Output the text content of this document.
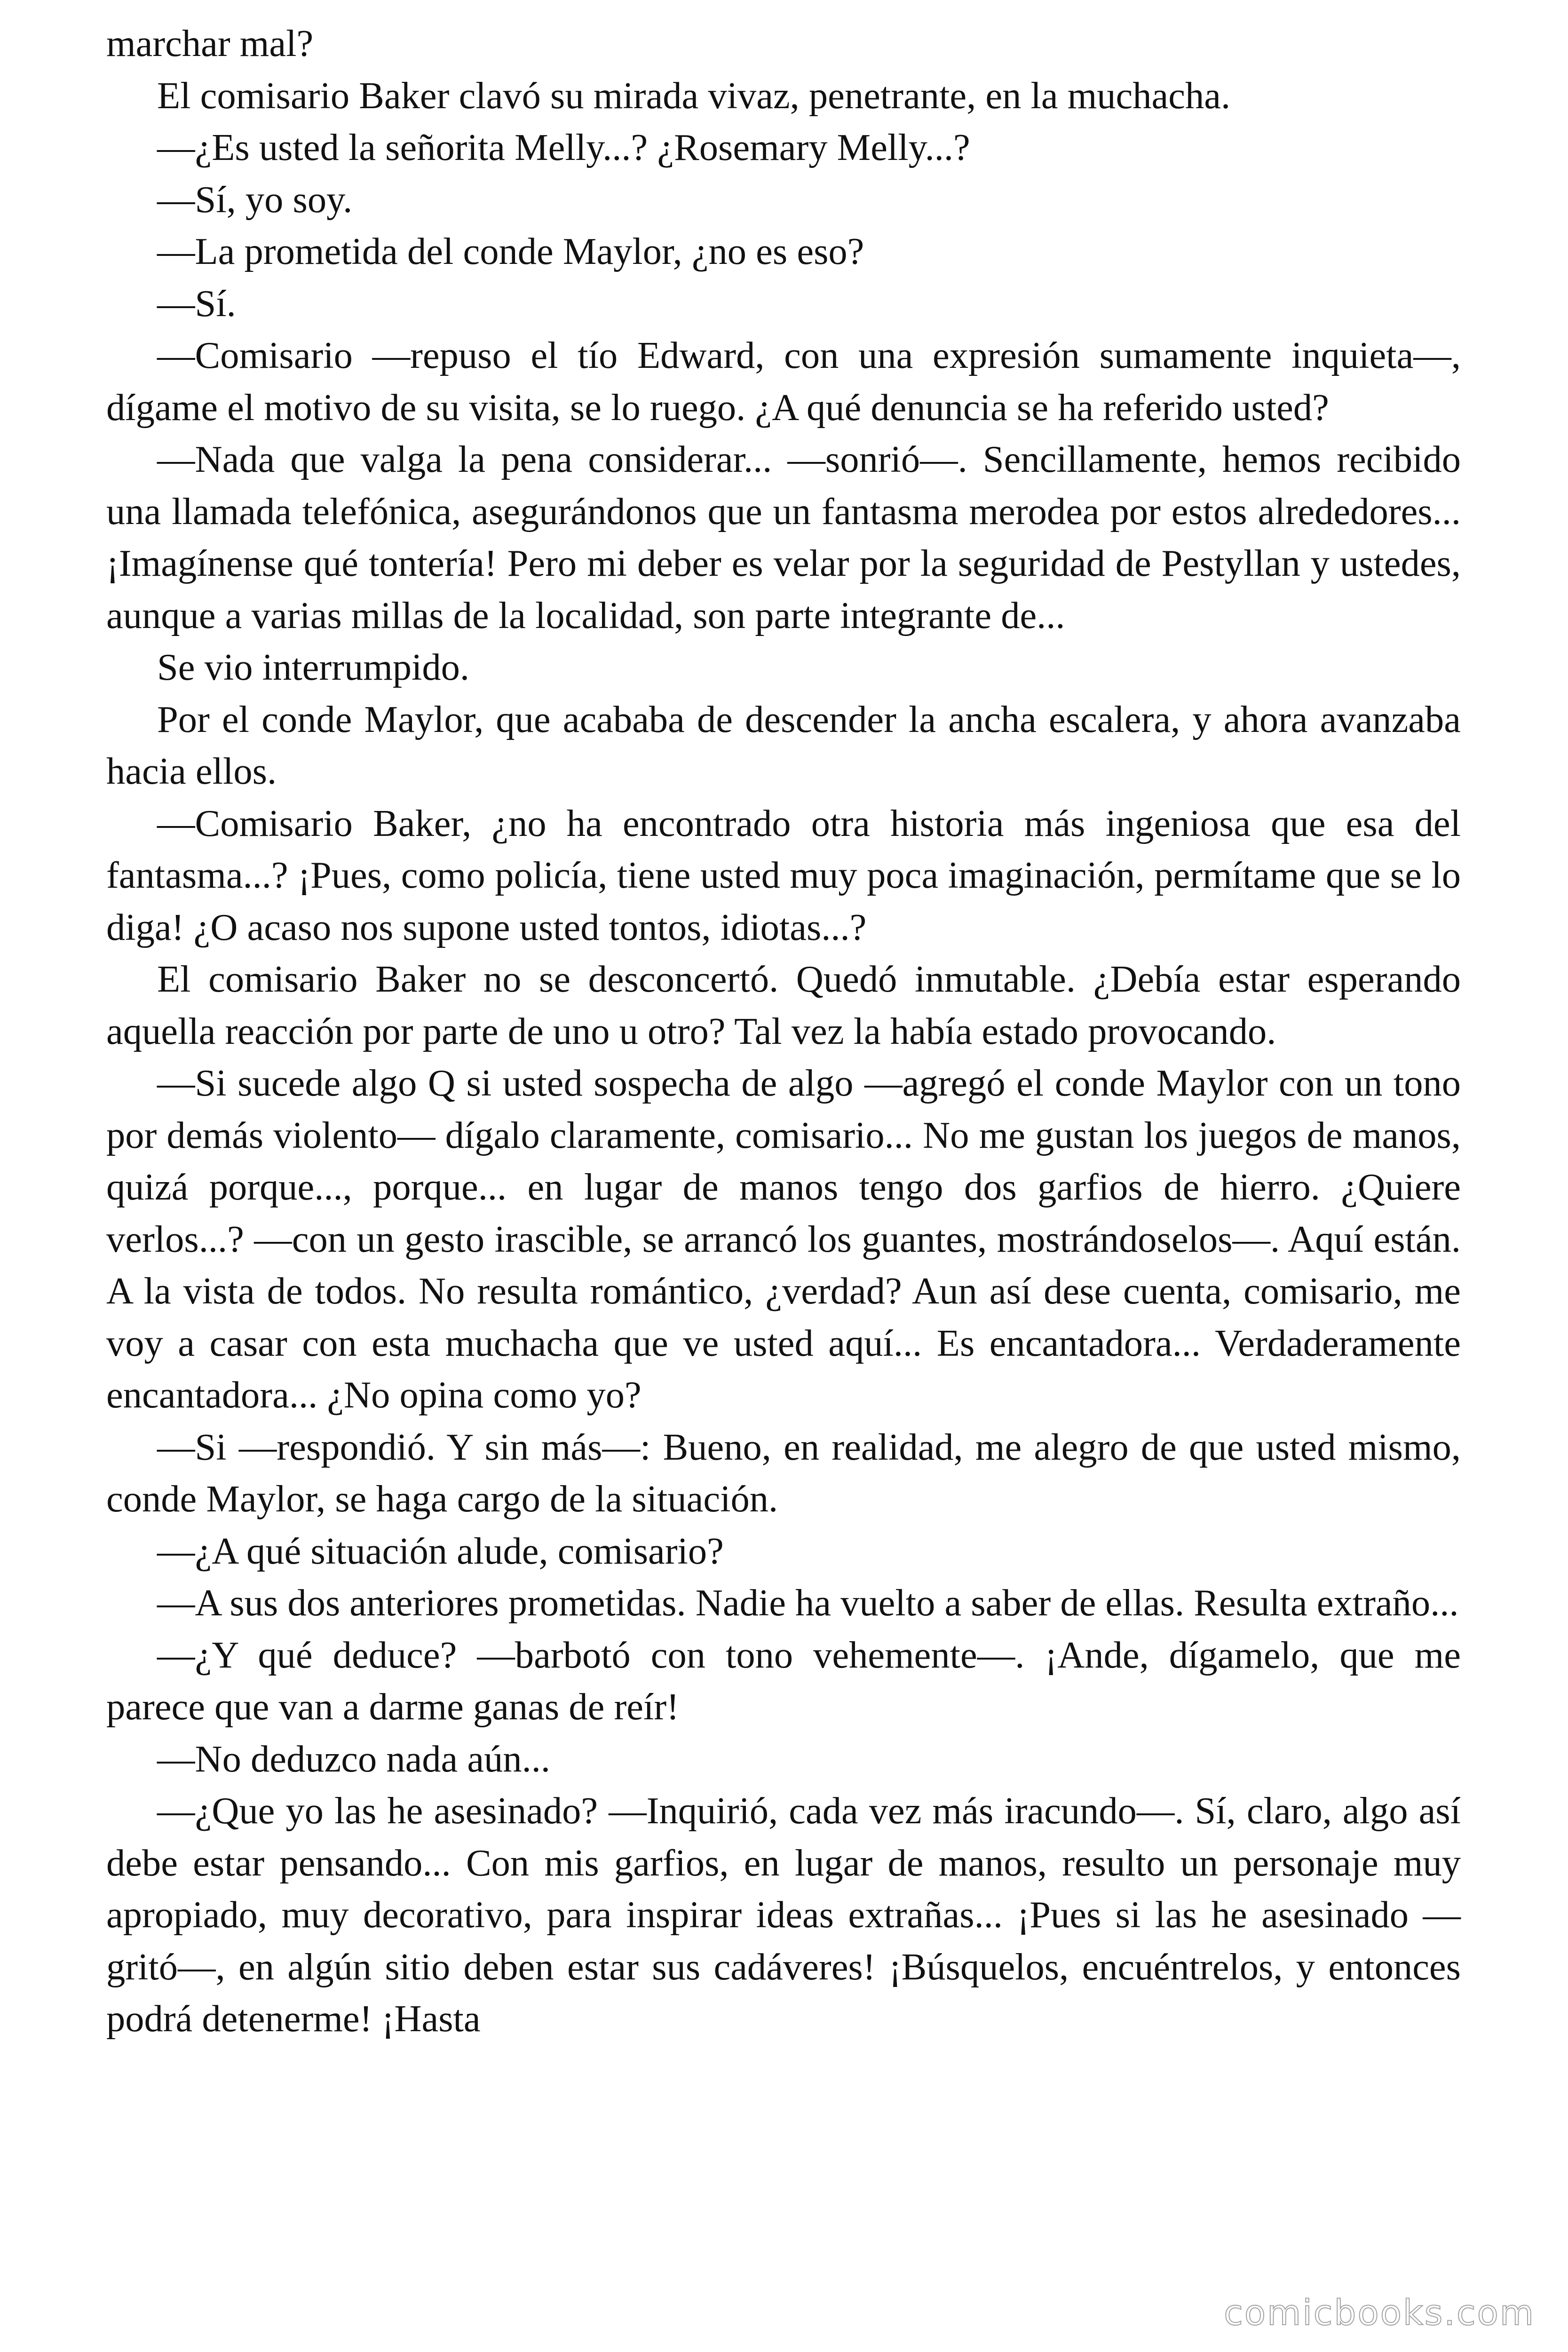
marchar mal?

El comisario Baker clavó su mirada vivaz, penetrante, en la muchacha.

—¿Es usted la señorita Melly...? ¿Rosemary Melly...?

—Sí, yo soy.

—La prometida del conde Maylor, ¿no es eso?

—Sí.

—Comisario —repuso el tío Edward, con una expresión sumamente inquieta—, dígame el motivo de su visita, se lo ruego. ¿A qué denuncia se ha referido usted?

—Nada que valga la pena considerar... —sonrió—. Sencillamente, hemos recibido una llamada telefónica, asegurándonos que un fantasma merodea por estos alrededores... ¡Imagínense qué tontería! Pero mi deber es velar por la seguridad de Pestyllan y ustedes, aunque a varias millas de la localidad, son parte integrante de...

Se vio interrumpido.

Por el conde Maylor, que acababa de descender la ancha escalera, y ahora avanzaba hacia ellos.

—Comisario Baker, ¿no ha encontrado otra historia más ingeniosa que esa del fantasma...? ¡Pues, como policía, tiene usted muy poca imaginación, permítame que se lo diga! ¿O acaso nos supone usted tontos, idiotas...?

El comisario Baker no se desconcertó. Quedó inmutable. ¿Debía estar esperando aquella reacción por parte de uno u otro? Tal vez la había estado provocando.

—Si sucede algo Q si usted sospecha de algo —agregó el conde Maylor con un tono por demás violento— dígalo claramente, comisario... No me gustan los juegos de manos, quizá porque..., porque... en lugar de manos tengo dos garfios de hierro. ¿Quiere verlos...? —con un gesto irascible, se arrancó los guantes, mostrándoselos—. Aquí están. A la vista de todos. No resulta romántico, ¿verdad? Aun así dese cuenta, comisario, me voy a casar con esta muchacha que ve usted aquí... Es encantadora... Verdaderamente encantadora... ¿No opina como yo?

—Si —respondió. Y sin más—: Bueno, en realidad, me alegro de que usted mismo, conde Maylor, se haga cargo de la situación.

—¿A qué situación alude, comisario?

—A sus dos anteriores prometidas. Nadie ha vuelto a saber de ellas. Resulta extraño...

—¿Y qué deduce? —barbotó con tono vehemente—. ¡Ande, dígamelo, que me parece que van a darme ganas de reír!

—No deduzco nada aún...

—¿Que yo las he asesinado? —Inquirió, cada vez más iracundo—. Sí, claro, algo así debe estar pensando... Con mis garfios, en lugar de manos, resulto un personaje muy apropiado, muy decorativo, para inspirar ideas extrañas... ¡Pues si las he asesinado —gritó—, en algún sitio deben estar sus cadáveres! ¡Búsquelos, encuéntrelos, y entonces podrá detenerme! ¡Hasta

comicbooks.com
